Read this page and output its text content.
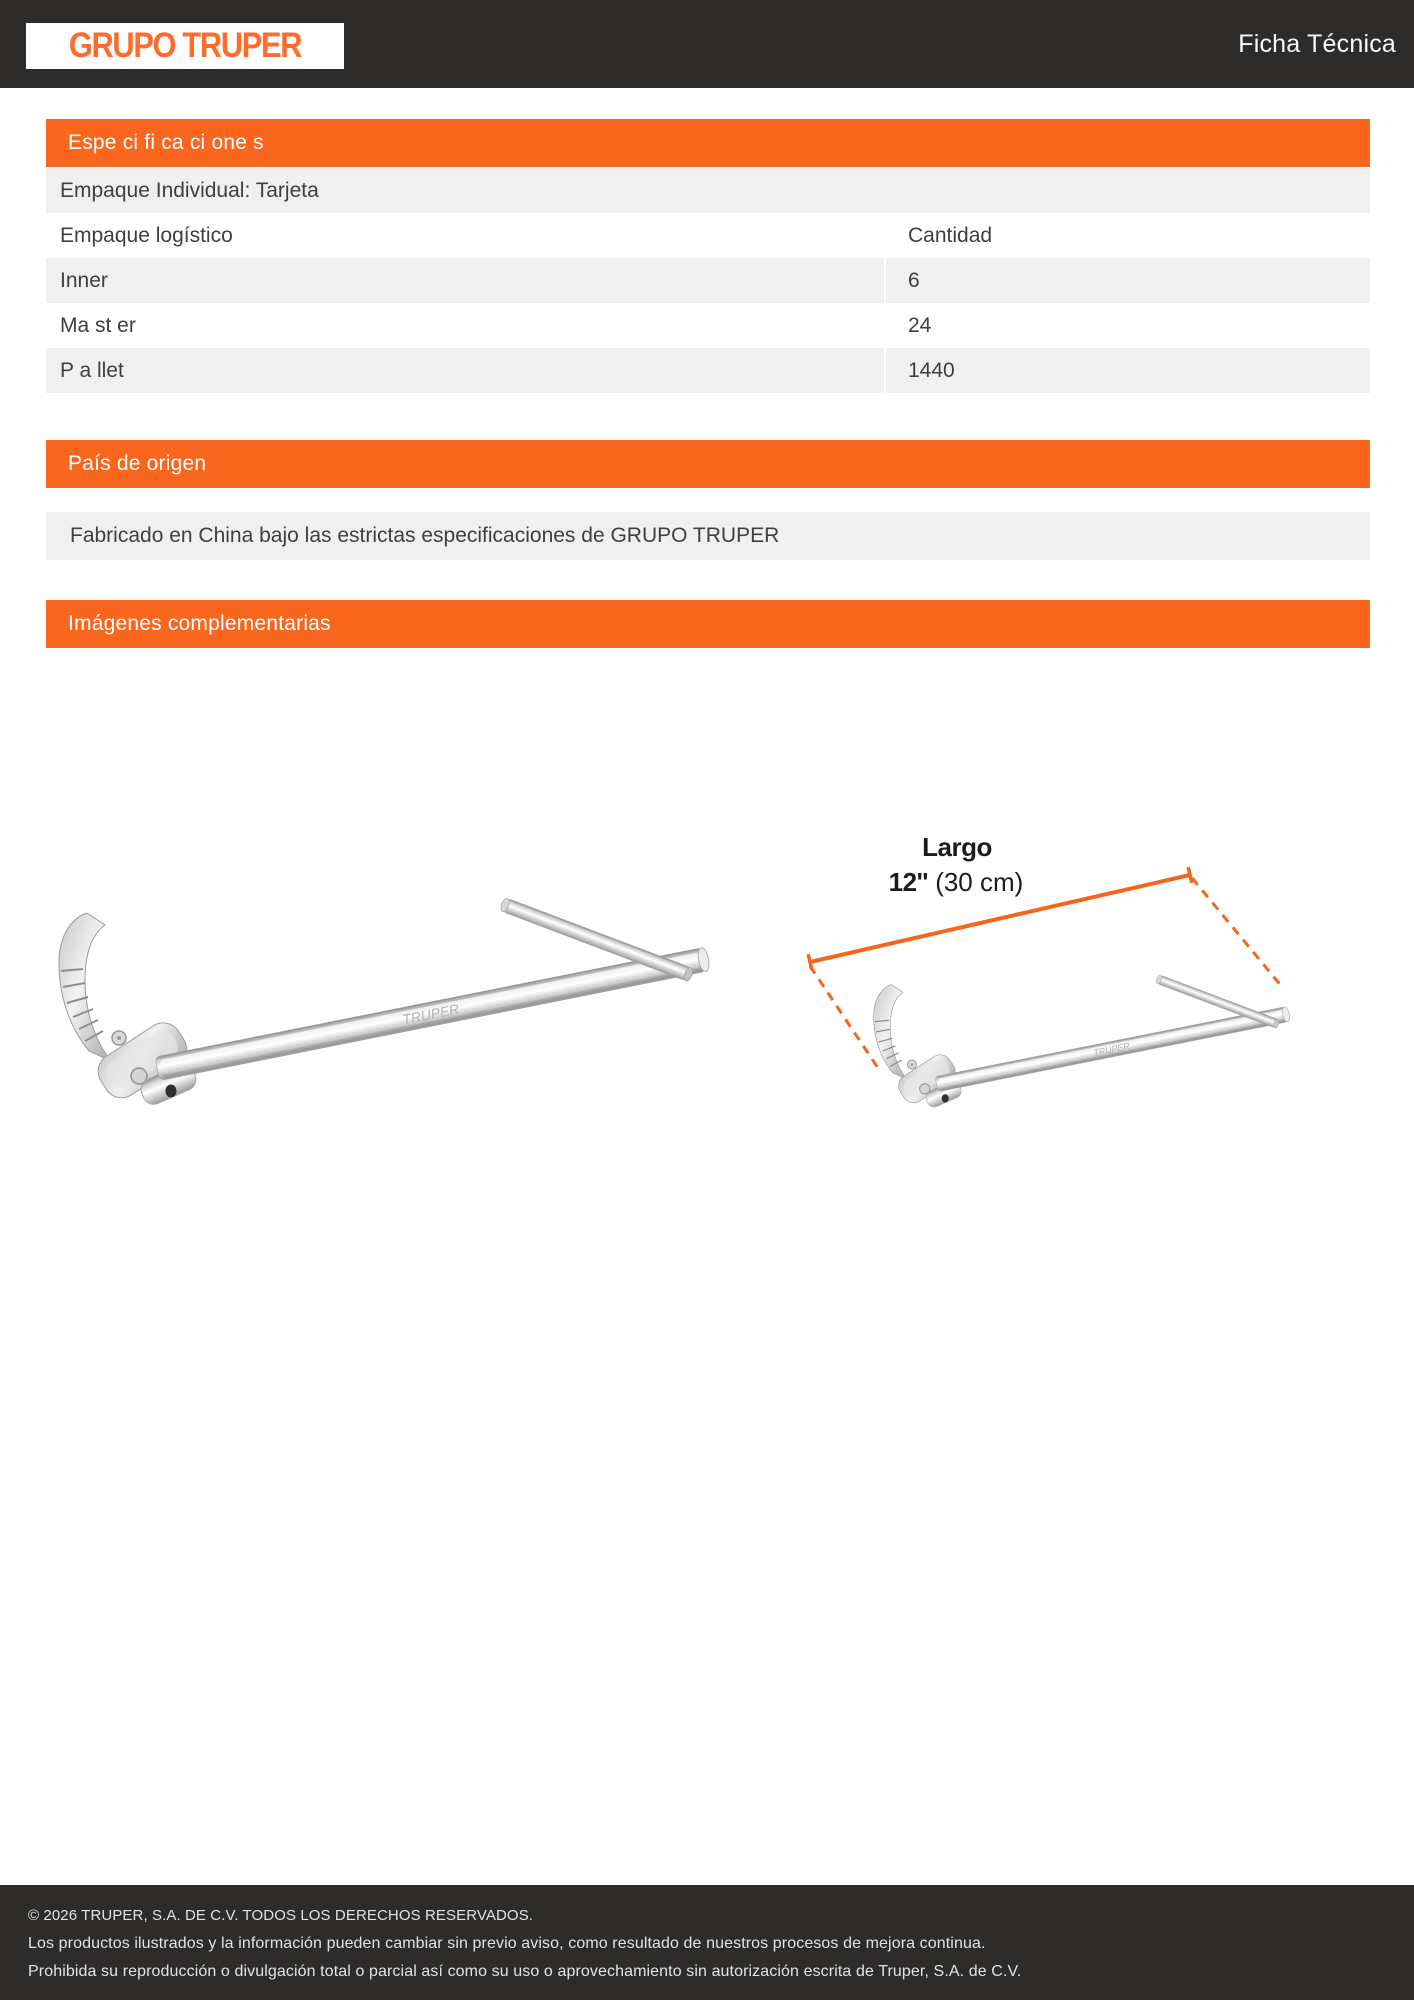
GRUPO TRUPER	Ficha Técnica
Espe ci fi ca ci one s
Empaque Individual: Tarjeta
Empaque logístico	Cantidad
Inner	6
Ma st er	24
P a llet	1440
País de origen
Fabricado en China bajo las estrictas especificaciones de GRUPO TRUPER
Imágenes complementarias
TRUPER
Largo
12'' (30 cm)
© 2026 TRUPER, S.A. DE C.V. TODOS LOS DERECHOS RESERVADOS.
Los productos ilustrados y la información pueden cambiar sin previo aviso, como resultado de nuestros procesos de mejora continua.
Prohibida su reproducción o divulgación total o parcial así como su uso o aprovechamiento sin autorización escrita de Truper, S.A. de C.V.
